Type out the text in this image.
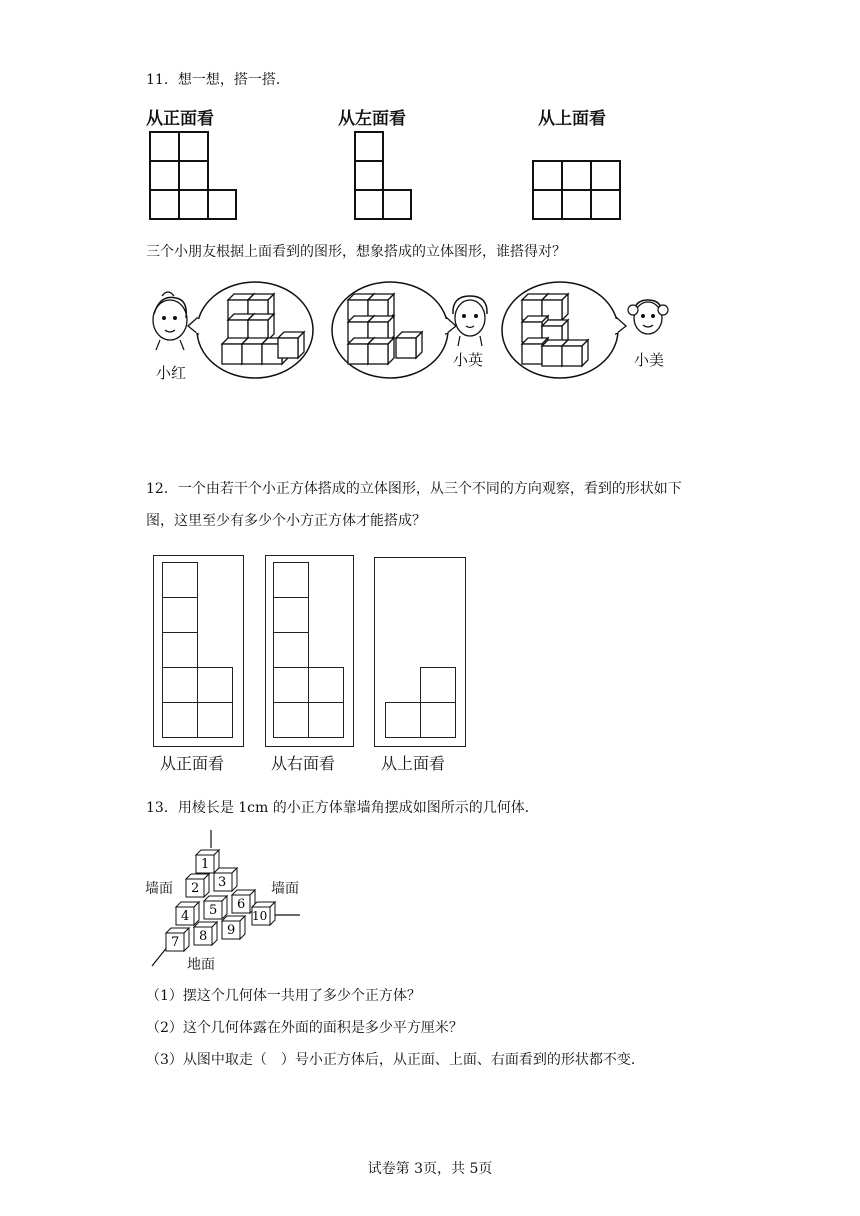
11．想一想，搭一搭．
从正面看	从左面看	从上面看
三个小朋友根据上面看到的图形，想象搭成的立体图形，谁搭得对？
小红
小英	小美
12．一个由若干个小正方体搭成的立体图形，从三个不同的方向观察，看到的形状如下
图，这里至少有多少个小方正方体才能搭成？
从正面看	从右面看	从上面看
13．用棱长是 1cm 的小正方体靠墙角摆成如图所示的几何体．
1
2 3
4 5 6
7 8 9
10
墙面	墙面
地面
（1）摆这个几何体一共用了多少个正方体？
（2）这个几何体露在外面的面积是多少平方厘米？
（3）从图中取走（　）号小正方体后，从正面、上面、右面看到的形状都不变．
试卷第 3页，共 5页
